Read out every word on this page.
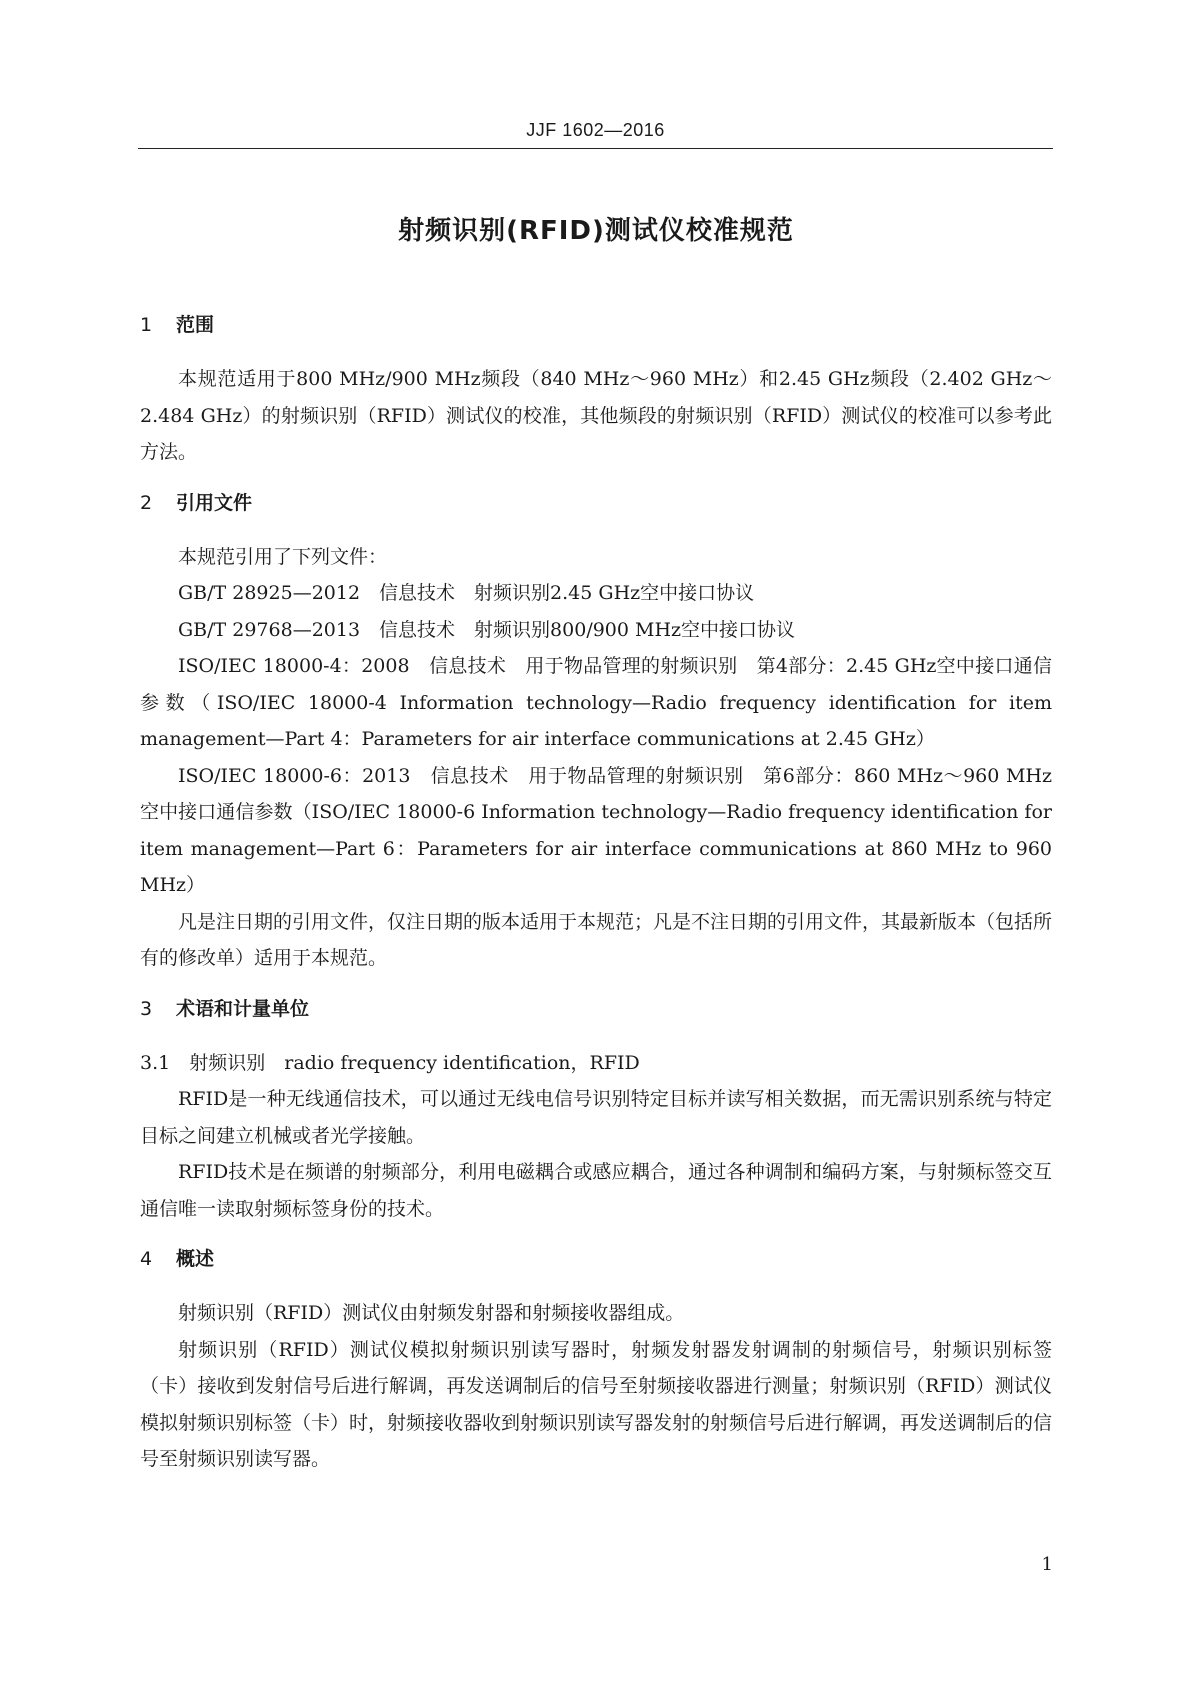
JJF 1602—2016
射频识别(RFID)测试仪校准规范
1 范围

本规范适用于800 MHz/900 MHz频段（840 MHz～960 MHz）和2.45 GHz频段（2.402 GHz～2.484 GHz）的射频识别（RFID）测试仪的校准，其他频段的射频识别（RFID）测试仪的校准可以参考此方法。

2 引用文件

本规范引用了下列文件：

GB/T 28925—2012　信息技术　射频识别2.45 GHz空中接口协议

GB/T 29768—2013　信息技术　射频识别800/900 MHz空中接口协议

ISO/IEC 18000-4：2008　信息技术　用于物品管理的射频识别　第4部分：2.45 GHz空中接口通信参数（ISO/IEC 18000-4 Information technology—Radio frequency identification for item management—Part 4：Parameters for air interface communications at 2.45 GHz）

ISO/IEC 18000-6：2013　信息技术　用于物品管理的射频识别　第6部分：860 MHz～960 MHz空中接口通信参数（ISO/IEC 18000-6 Information technology—Radio frequency identification for item management—Part 6：Parameters for air interface communications at 860 MHz to 960 MHz）

凡是注日期的引用文件，仅注日期的版本适用于本规范；凡是不注日期的引用文件，其最新版本（包括所有的修改单）适用于本规范。

3 术语和计量单位
3.1　 射频识别　 radio frequency identification，RFID

RFID是一种无线通信技术，可以通过无线电信号识别特定目标并读写相关数据，而无需识别系统与特定目标之间建立机械或者光学接触。

RFID技术是在频谱的射频部分，利用电磁耦合或感应耦合，通过各种调制和编码方案，与射频标签交互通信唯一读取射频标签身份的技术。

4 概述

射频识别（RFID）测试仪由射频发射器和射频接收器组成。

射频识别（RFID）测试仪模拟射频识别读写器时，射频发射器发射调制的射频信号，射频识别标签（卡）接收到发射信号后进行解调，再发送调制后的信号至射频接收器进行测量；射频识别（RFID）测试仪模拟射频识别标签（卡）时，射频接收器收到射频识别读写器发射的射频信号后进行解调，再发送调制后的信号至射频识别读写器。

1
